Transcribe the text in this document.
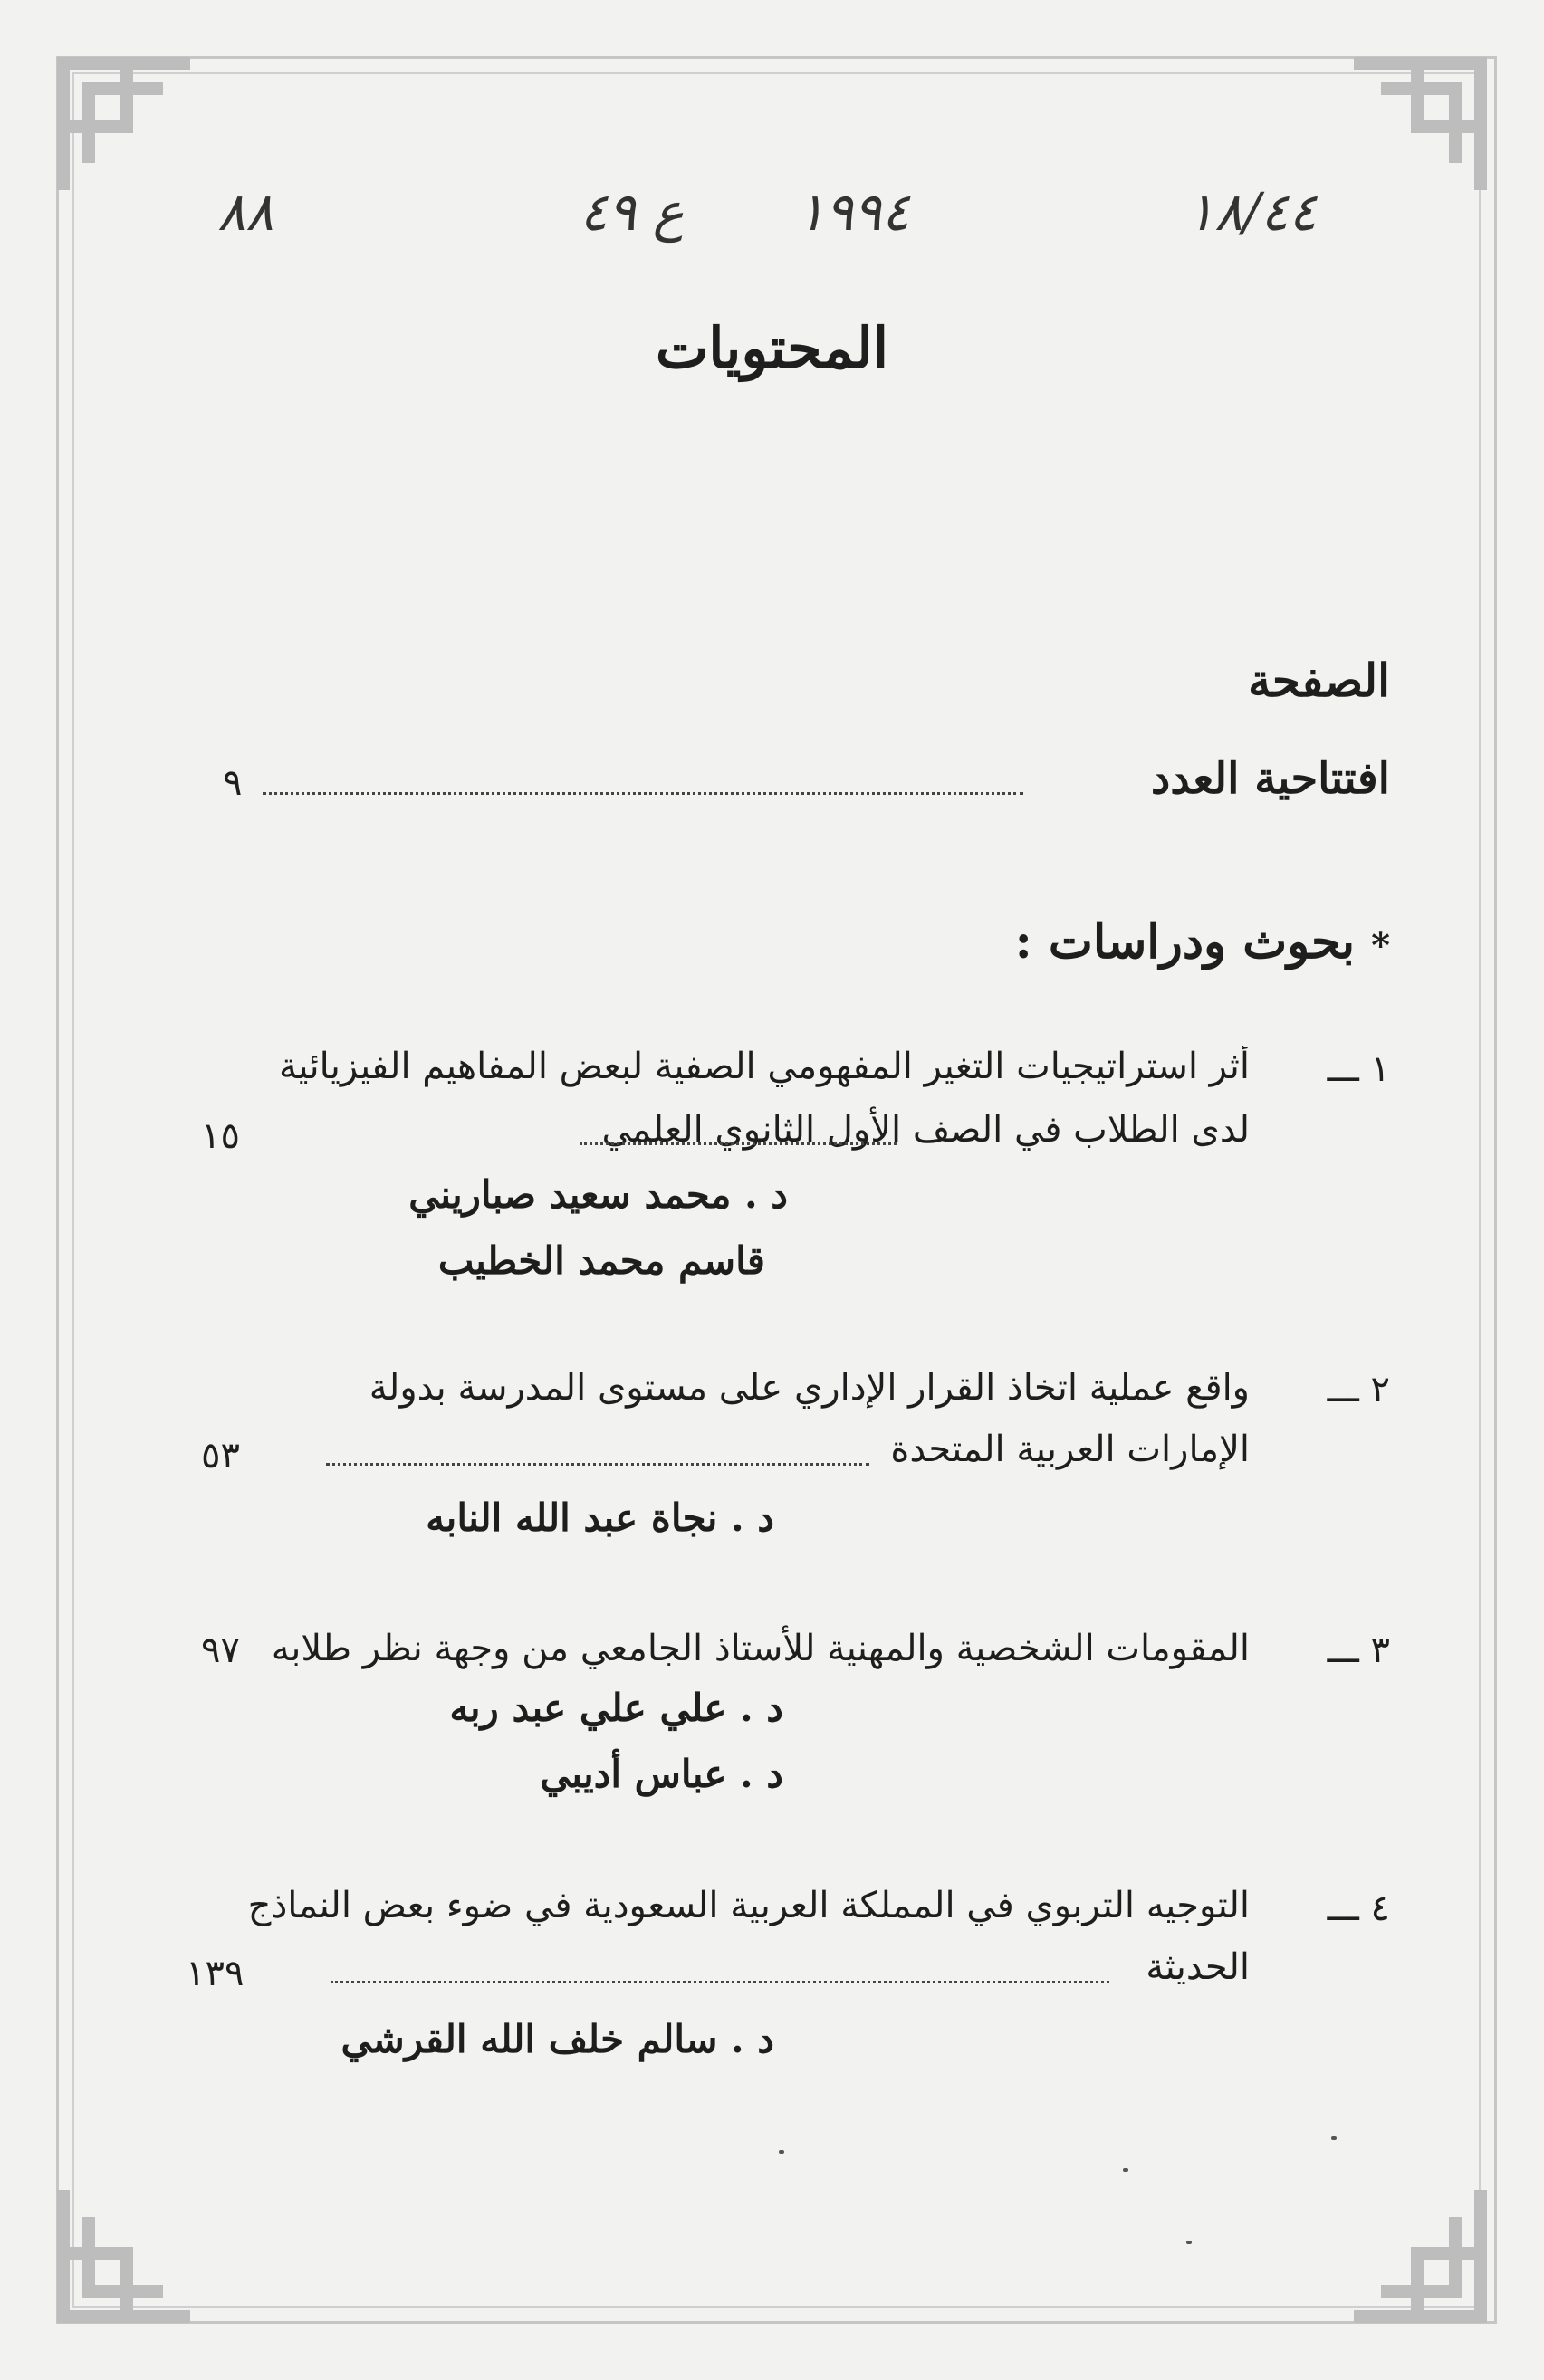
٨٨	ع ٤٩ ١٩٩٤	١٨/٤٤
المحتويات
الصفحة
افتتاحية العدد
٩
*بحوث ودراسات :
١ ـــ
أثر استراتيجيات التغير المفهومي الصفية لبعض المفاهيم الفيزيائية
لدى الطلاب في الصف الأول الثانوي العلمي
١٥
د . محمد سعيد صباريني
قاسم محمد الخطيب
٢ ـــ
واقع عملية اتخاذ القرار الإداري على مستوى المدرسة بدولة
الإمارات العربية المتحدة
٥٣
د . نجاة عبد الله النابه
٣ ـــ
المقومات الشخصية والمهنية للأستاذ الجامعي من وجهة نظر طلابه
٩٧
د . علي علي عبد ربه
د . عباس أديبي
٤ ـــ
التوجيه التربوي في المملكة العربية السعودية في ضوء بعض النماذج
الحديثة
١٣٩
د . سالم خلف الله القرشي
